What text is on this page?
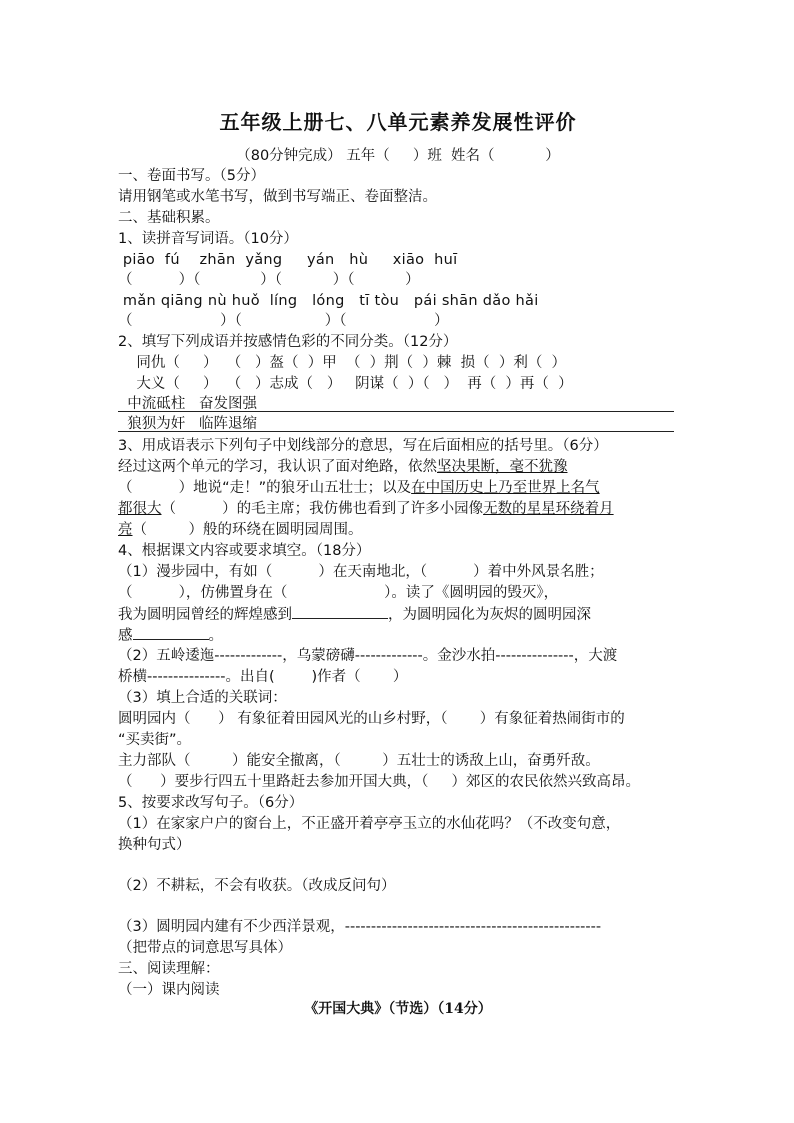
五年级上册七、八单元素养发展性评价
（80分钟完成） 五年（     ）班  姓名（           ）
一、卷面书写。（5分）
请用钢笔或水笔书写，做到书写端正、卷面整洁。
二、基础积累。
1、读拼音写词语。（10分）
piāo  fú    zhān  yǎng     yán   hù     xiāo  huī
（          ）（             ）（           ）（           ）
mǎn qiāng nù huǒ  líng   lóng   tī tòu   pái shān dǎo hǎi
（                   ）（                  ）（                   ）
2、填写下列成语并按感情色彩的不同分类。（12分）
同仇（     ）  （   ）盔（  ）甲  （  ）荆（  ）棘  损（  ）利（  ）
大义（     ）  （   ）志成（   ）   阴谋（  ）（   ）  再（  ）再（  ）
中流砥柱   奋发图强
狼狈为奸   临阵退缩
3、用成语表示下列句子中划线部分的意思，写在后面相应的括号里。（6分）
经过这两个单元的学习，我认识了面对绝路，依然坚决果断，毫不犹豫
（          ）地说“走！”的狼牙山五壮士；以及在中国历史上乃至世界上名气
都很大（          ）的毛主席；我仿佛也看到了许多小园像无数的星星环绕着月
亮（         ）般的环绕在圆明园周围。
4、根据课文内容或要求填空。（18分）
（1）漫步园中，有如（          ）在天南地北，（          ）着中外风景名胜；
（          ），仿佛置身在（                     ）。读了《圆明园的毁灭》，
我为圆明园曾经的辉煌感到	，为圆明园化为灰烬的圆明园深
感	。
（2）五岭逶迤-------------，乌蒙磅礴-------------。金沙水拍---------------，大渡
桥横---------------。出自(        )作者（       ）
（3）填上合适的关联词：
圆明园内（      ） 有象征着田园风光的山乡村野，（       ）有象征着热闹街市的
“买卖街”。
主力部队（         ）能安全撤离，（         ）五壮士的诱敌上山，奋勇歼敌。
（      ）要步行四五十里路赶去参加开国大典，（     ）郊区的农民依然兴致高昂。
5、按要求改写句子。（6分）
（1）在家家户户的窗台上，不正盛开着亭亭玉立的水仙花吗？（不改变句意，
换种句式）
（2）不耕耘，不会有收获。（改成反问句）
（3）圆明园内建有不少西洋景观，-------------------------------------------------
（把带点的词意思写具体）
三、阅读理解：
（一）课内阅读
《开国大典》（节选）（14分）
